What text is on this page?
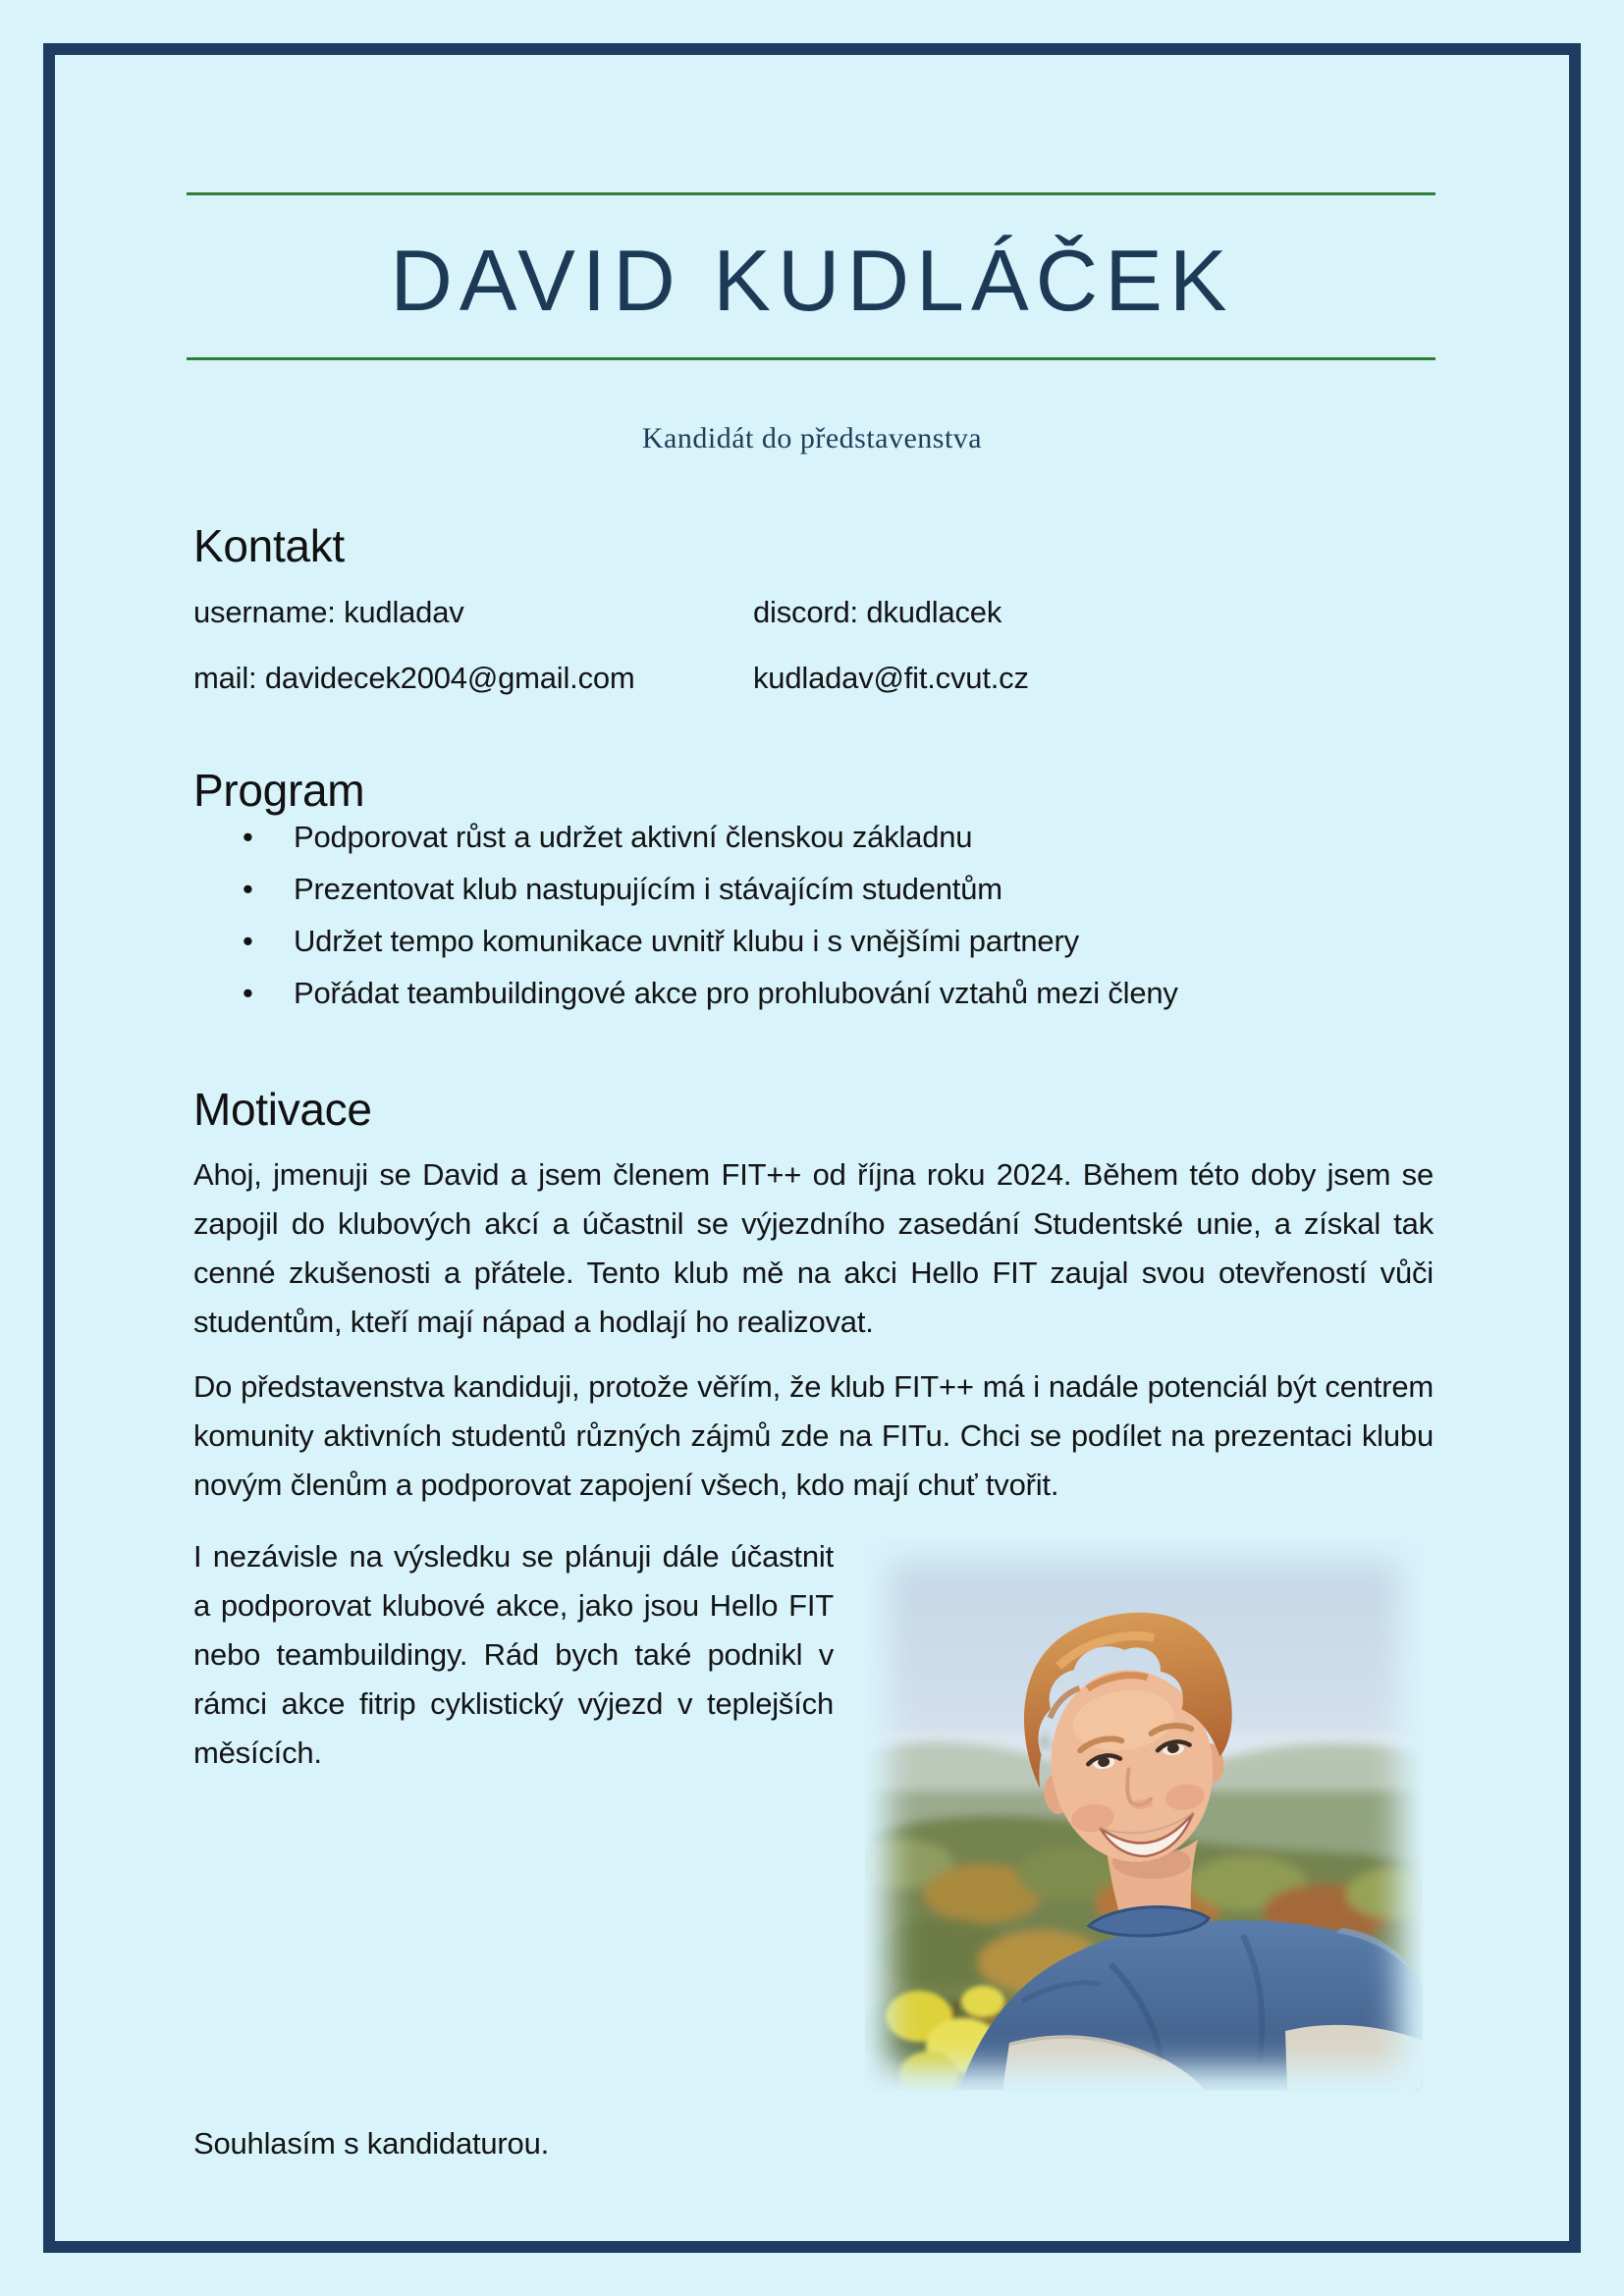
DAVID KUDLÁČEK
Kandidát do představenstva
Kontakt
username: kudladav	discord: dkudlacek
mail: davidecek2004@gmail.com	kudladav@fit.cvut.cz
Program
• Podporovat růst a udržet aktivní členskou základnu
• Prezentovat klub nastupujícím i stávajícím studentům
• Udržet tempo komunikace uvnitř klubu i s vnějšími partnery
• Pořádat teambuildingové akce pro prohlubování vztahů mezi členy
Motivace

Ahoj, jmenuji se David a jsem členem FIT++ od října roku 2024. Během této doby jsem se zapojil do klubových akcí a účastnil se výjezdního zasedání Studentské unie, a získal tak cenné zkušenosti a přátele. Tento klub mě na akci Hello FIT zaujal svou otevřeností vůči studentům, kteří mají nápad a hodlají ho realizovat.

Do představenstva kandiduji, protože věřím, že klub FIT++ má i nadále potenciál být centrem komunity aktivních studentů různých zájmů zde na FITu. Chci se podílet na prezentaci klubu novým členům a podporovat zapojení všech, kdo mají chuť tvořit.

I nezávisle na výsledku se plánuji dále účastnit a podporovat klubové akce, jako jsou Hello FIT nebo teambuildingy. Rád bych také podnikl v rámci akce fitrip cyklistický výjezd v teplejších měsících.

Souhlasím s kandidaturou.
